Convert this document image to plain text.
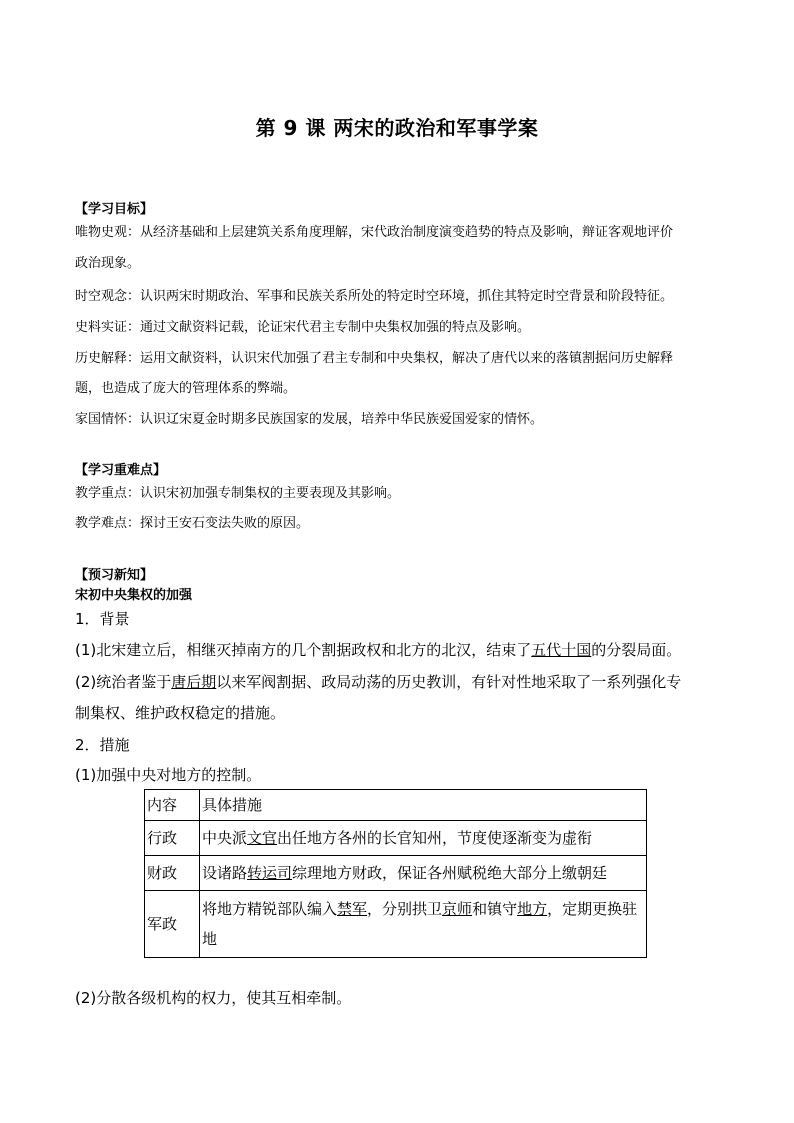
第 9 课 两宋的政治和军事学案
【学习目标】
唯物史观：从经济基础和上层建筑关系角度理解，宋代政治制度演变趋势的特点及影响，辩证客观地评价
政治现象。
时空观念：认识两宋时期政治、军事和民族关系所处的特定时空环境，抓住其特定时空背景和阶段特征。
史料实证：通过文献资料记载，论证宋代君主专制中央集权加强的特点及影响。
历史解释：运用文献资料，认识宋代加强了君主专制和中央集权，解决了唐代以来的落镇割据问历史解释
题，也造成了庞大的管理体系的弊端。
家国情怀：认识辽宋夏金时期多民族国家的发展，培养中华民族爱国爱家的情怀。
【学习重难点】
教学重点：认识宋初加强专制集权的主要表现及其影响。
教学难点：探讨王安石变法失败的原因。
【预习新知】
宋初中央集权的加强
1．背景
(1)北宋建立后，相继灭掉南方的几个割据政权和北方的北汉，结束了五代十国的分裂局面。
(2)统治者鉴于唐后期以来军阀割据、政局动荡的历史教训，有针对性地采取了一系列强化专
制集权、维护政权稳定的措施。
2．措施
(1)加强中央对地方的控制。
内容	具体措施
行政	中央派文官出任地方各州的长官知州，节度使逐渐变为虚衔
财政	设诸路转运司综理地方财政，保证各州赋税绝大部分上缴朝廷
军政	将地方精锐部队编入禁军，分别拱卫京师和镇守地方，定期更换驻地
(2)分散各级机构的权力，使其互相牵制。
